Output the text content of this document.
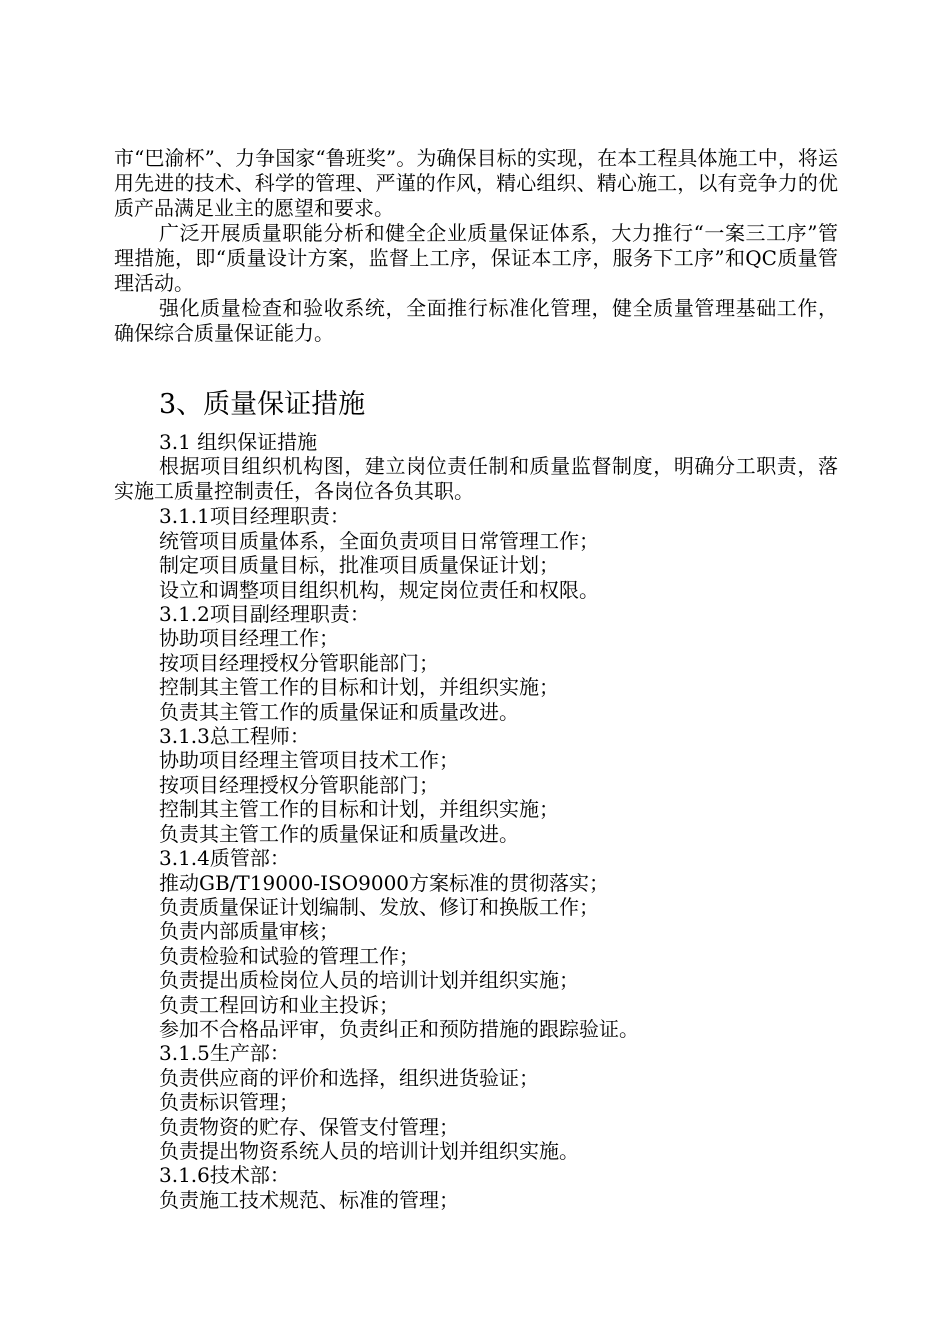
市“巴渝杯”、力争国家“鲁班奖”。为确保目标的实现，在本工程具体施工中，将运用先进的技术、科学的管理、严谨的作风，精心组织、精心施工，以有竞争力的优质产品满足业主的愿望和要求。

广泛开展质量职能分析和健全企业质量保证体系，大力推行“一案三工序”管理措施，即“质量设计方案，监督上工序，保证本工序，服务下工序”和QC质量管理活动。

强化质量检查和验收系统，全面推行标准化管理，健全质量管理基础工作，确保综合质量保证能力。

3、质量保证措施

3.1 组织保证措施

根据项目组织机构图，建立岗位责任制和质量监督制度，明确分工职责，落实施工质量控制责任，各岗位各负其职。

3.1.1项目经理职责：

统管项目质量体系，全面负责项目日常管理工作；

制定项目质量目标，批准项目质量保证计划；

设立和调整项目组织机构，规定岗位责任和权限。

3.1.2项目副经理职责：

协助项目经理工作；

按项目经理授权分管职能部门；

控制其主管工作的目标和计划，并组织实施；

负责其主管工作的质量保证和质量改进。

3.1.3总工程师：

协助项目经理主管项目技术工作；

按项目经理授权分管职能部门；

控制其主管工作的目标和计划，并组织实施；

负责其主管工作的质量保证和质量改进。

3.1.4质管部：

推动GB/T19000-ISO9000方案标准的贯彻落实；

负责质量保证计划编制、发放、修订和换版工作；

负责内部质量审核；

负责检验和试验的管理工作；

负责提出质检岗位人员的培训计划并组织实施；

负责工程回访和业主投诉；

参加不合格品评审，负责纠正和预防措施的跟踪验证。

3.1.5生产部：

负责供应商的评价和选择，组织进货验证；

负责标识管理；

负责物资的贮存、保管支付管理；

负责提出物资系统人员的培训计划并组织实施。

3.1.6技术部：

负责施工技术规范、标准的管理；
